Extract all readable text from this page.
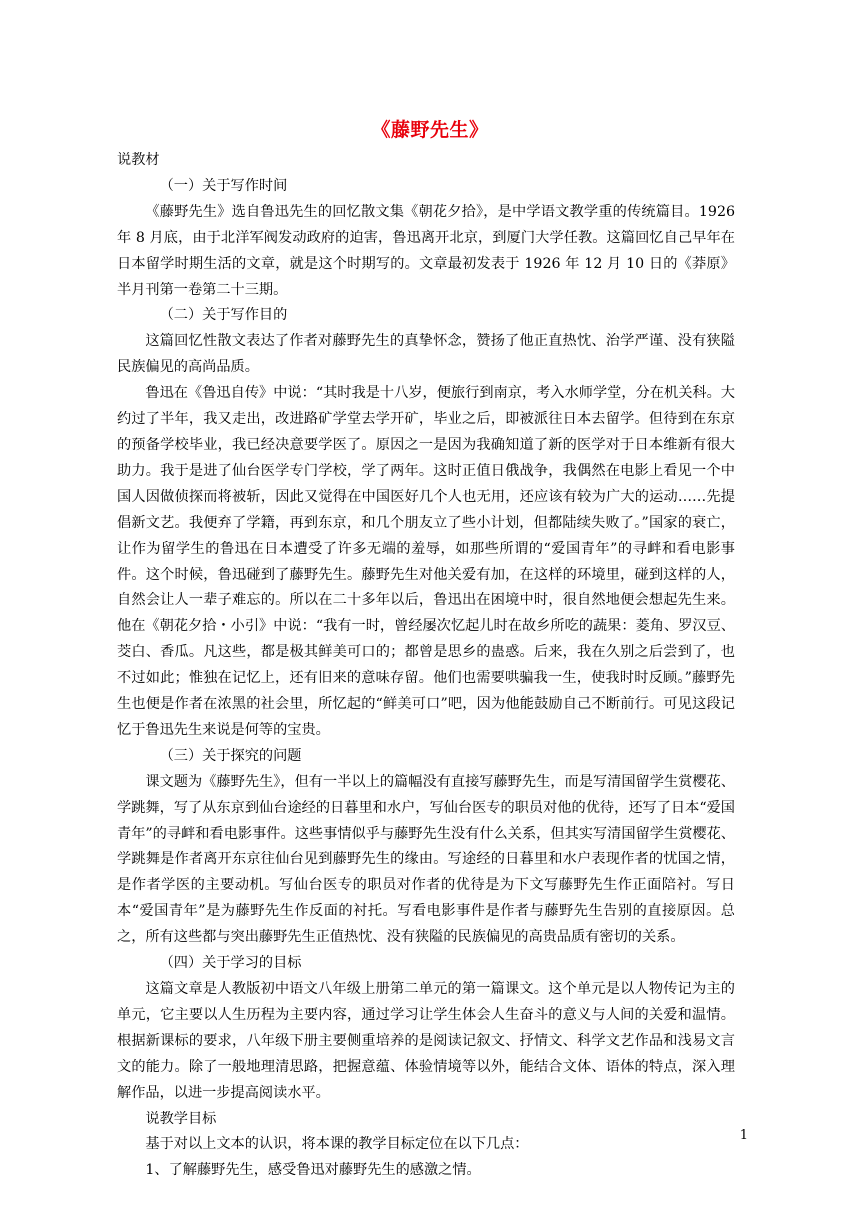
《藤野先生》

说教材

（一）关于写作时间

《藤野先生》选自鲁迅先生的回忆散文集《朝花夕拾》，是中学语文教学重的传统篇目。1926 年 8 月底，由于北洋军阀发动政府的迫害，鲁迅离开北京，到厦门大学任教。这篇回忆自己早年在日本留学时期生活的文章，就是这个时期写的。文章最初发表于 1926 年 12 月 10 日的《莽原》半月刊第一卷第二十三期。

（二）关于写作目的

这篇回忆性散文表达了作者对藤野先生的真挚怀念，赞扬了他正直热忱、治学严谨、没有狭隘民族偏见的高尚品质。

鲁迅在《鲁迅自传》中说：“其时我是十八岁，便旅行到南京，考入水师学堂，分在机关科。大约过了半年，我又走出，改进路矿学堂去学开矿，毕业之后，即被派往日本去留学。但待到在东京的预备学校毕业，我已经决意要学医了。原因之一是因为我确知道了新的医学对于日本维新有很大助力。我于是进了仙台医学专门学校，学了两年。这时正值日俄战争，我偶然在电影上看见一个中国人因做侦探而将被斩，因此又觉得在中国医好几个人也无用，还应该有较为广大的运动……先提倡新文艺。我便弃了学籍，再到东京，和几个朋友立了些小计划，但都陆续失败了。”国家的衰亡，让作为留学生的鲁迅在日本遭受了许多无端的羞辱，如那些所谓的“爱国青年”的寻衅和看电影事件。这个时候，鲁迅碰到了藤野先生。藤野先生对他关爱有加，在这样的环境里，碰到这样的人，自然会让人一辈子难忘的。所以在二十多年以后，鲁迅出在困境中时，很自然地便会想起先生来。他在《朝花夕拾・小引》中说：“我有一时，曾经屡次忆起儿时在故乡所吃的蔬果：菱角、罗汉豆、茭白、香瓜。凡这些，都是极其鲜美可口的；都曾是思乡的蛊惑。后来，我在久别之后尝到了，也不过如此；惟独在记忆上，还有旧来的意味存留。他们也需要哄骗我一生，使我时时反顾。”藤野先生也便是作者在浓黑的社会里，所忆起的“鲜美可口”吧，因为他能鼓励自己不断前行。可见这段记忆于鲁迅先生来说是何等的宝贵。

（三）关于探究的问题

课文题为《藤野先生》，但有一半以上的篇幅没有直接写藤野先生，而是写清国留学生赏樱花、学跳舞，写了从东京到仙台途经的日暮里和水户，写仙台医专的职员对他的优待，还写了日本“爱国青年”的寻衅和看电影事件。这些事情似乎与藤野先生没有什么关系，但其实写清国留学生赏樱花、学跳舞是作者离开东京往仙台见到藤野先生的缘由。写途经的日暮里和水户表现作者的忧国之情，是作者学医的主要动机。写仙台医专的职员对作者的优待是为下文写藤野先生作正面陪衬。写日本“爱国青年”是为藤野先生作反面的衬托。写看电影事件是作者与藤野先生告别的直接原因。总之，所有这些都与突出藤野先生正值热忱、没有狭隘的民族偏见的高贵品质有密切的关系。

（四）关于学习的目标

这篇文章是人教版初中语文八年级上册第二单元的第一篇课文。这个单元是以人物传记为主的单元，它主要以人生历程为主要内容，通过学习让学生体会人生奋斗的意义与人间的关爱和温情。根据新课标的要求，八年级下册主要侧重培养的是阅读记叙文、抒情文、科学文艺作品和浅易文言文的能力。除了一般地理清思路，把握意蕴、体验情境等以外，能结合文体、语体的特点，深入理解作品，以进一步提高阅读水平。

说教学目标

基于对以上文本的认识，将本课的教学目标定位在以下几点：

1、了解藤野先生，感受鲁迅对藤野先生的感激之情。

1
